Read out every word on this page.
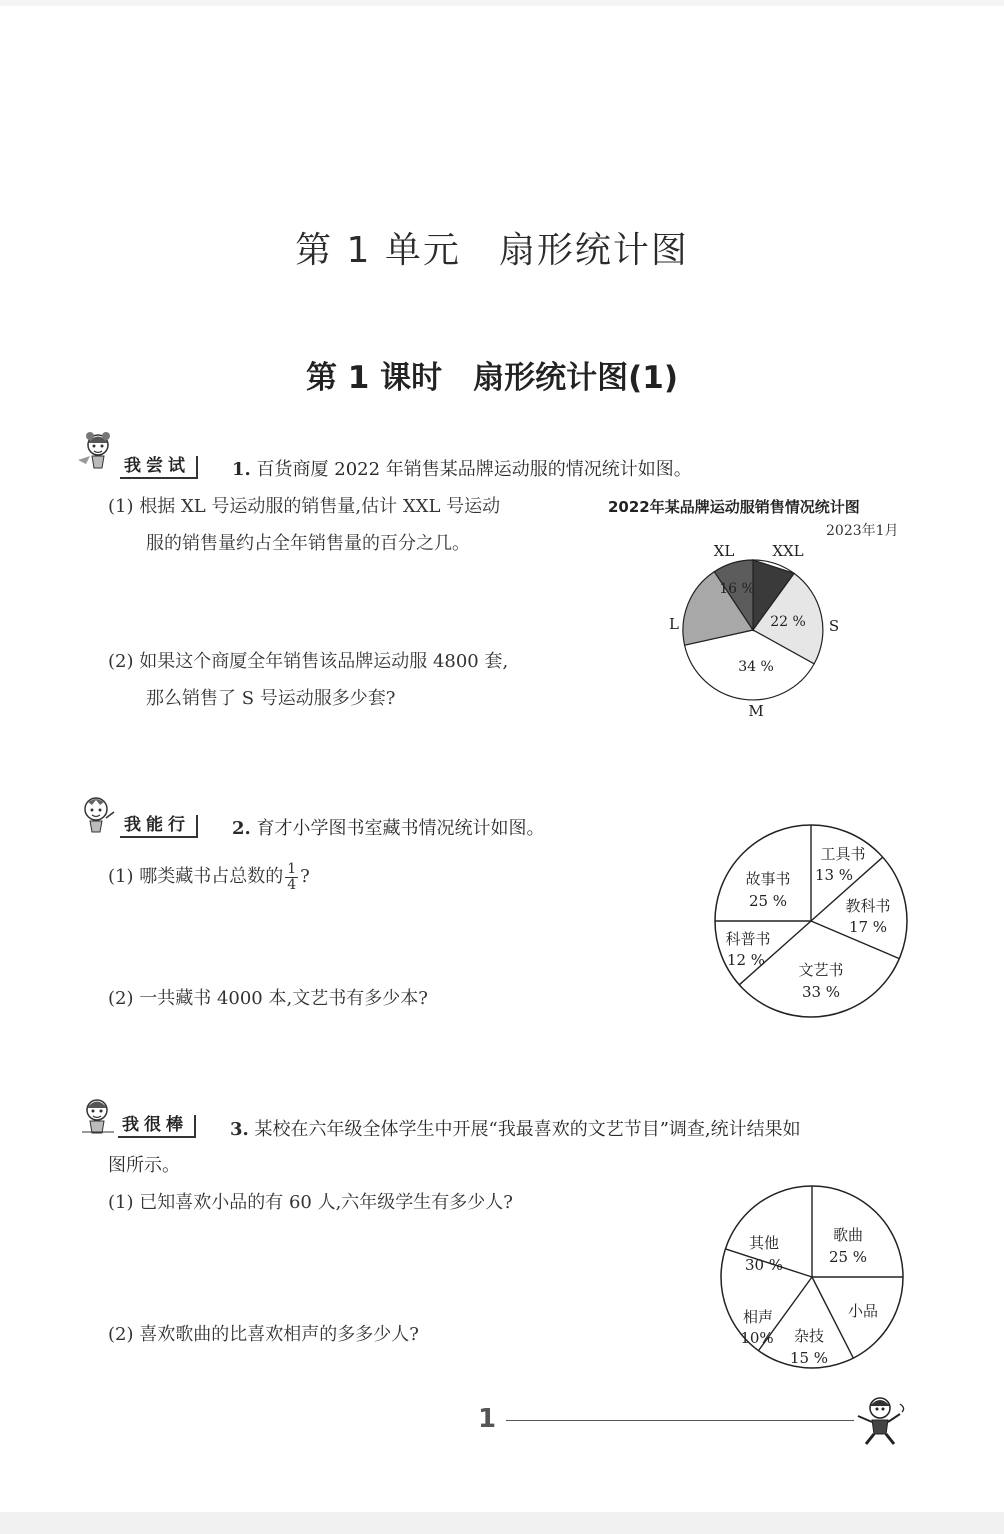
第 1 单元　扇形统计图
第 1 课时　扇形统计图(1)
我尝试	1. 百货商厦 2022 年销售某品牌运动服的情况统计如图。
(1) 根据 XL 号运动服的销售量,估计 XXL 号运动
服的销售量约占全年销售量的百分之几。
(2) 如果这个商厦全年销售该品牌运动服 4800 套,
那么销售了 S 号运动服多少套?
2022年某品牌运动服销售情况统计图
2023年1月
16 %
22 %
34 %
XL	XXL
L	S
M
我能行	2. 育才小学图书室藏书情况统计如图。
(1) 哪类藏书占总数的 $\frac{1}{4}$ ?
(2) 一共藏书 4000 本,文艺书有多少本?
工具书
13 %
教科书
17 %
文艺书
33 %
科普书
12 %
故事书
25 %
我很棒	3. 某校在六年级全体学生中开展“我最喜欢的文艺节目”调查,统计结果如
图所示。
(1) 已知喜欢小品的有 60 人,六年级学生有多少人?
(2) 喜欢歌曲的比喜欢相声的多多少人?
歌曲
25 %
小品
杂技
15 %
相声
10%
其他
30 %
1
